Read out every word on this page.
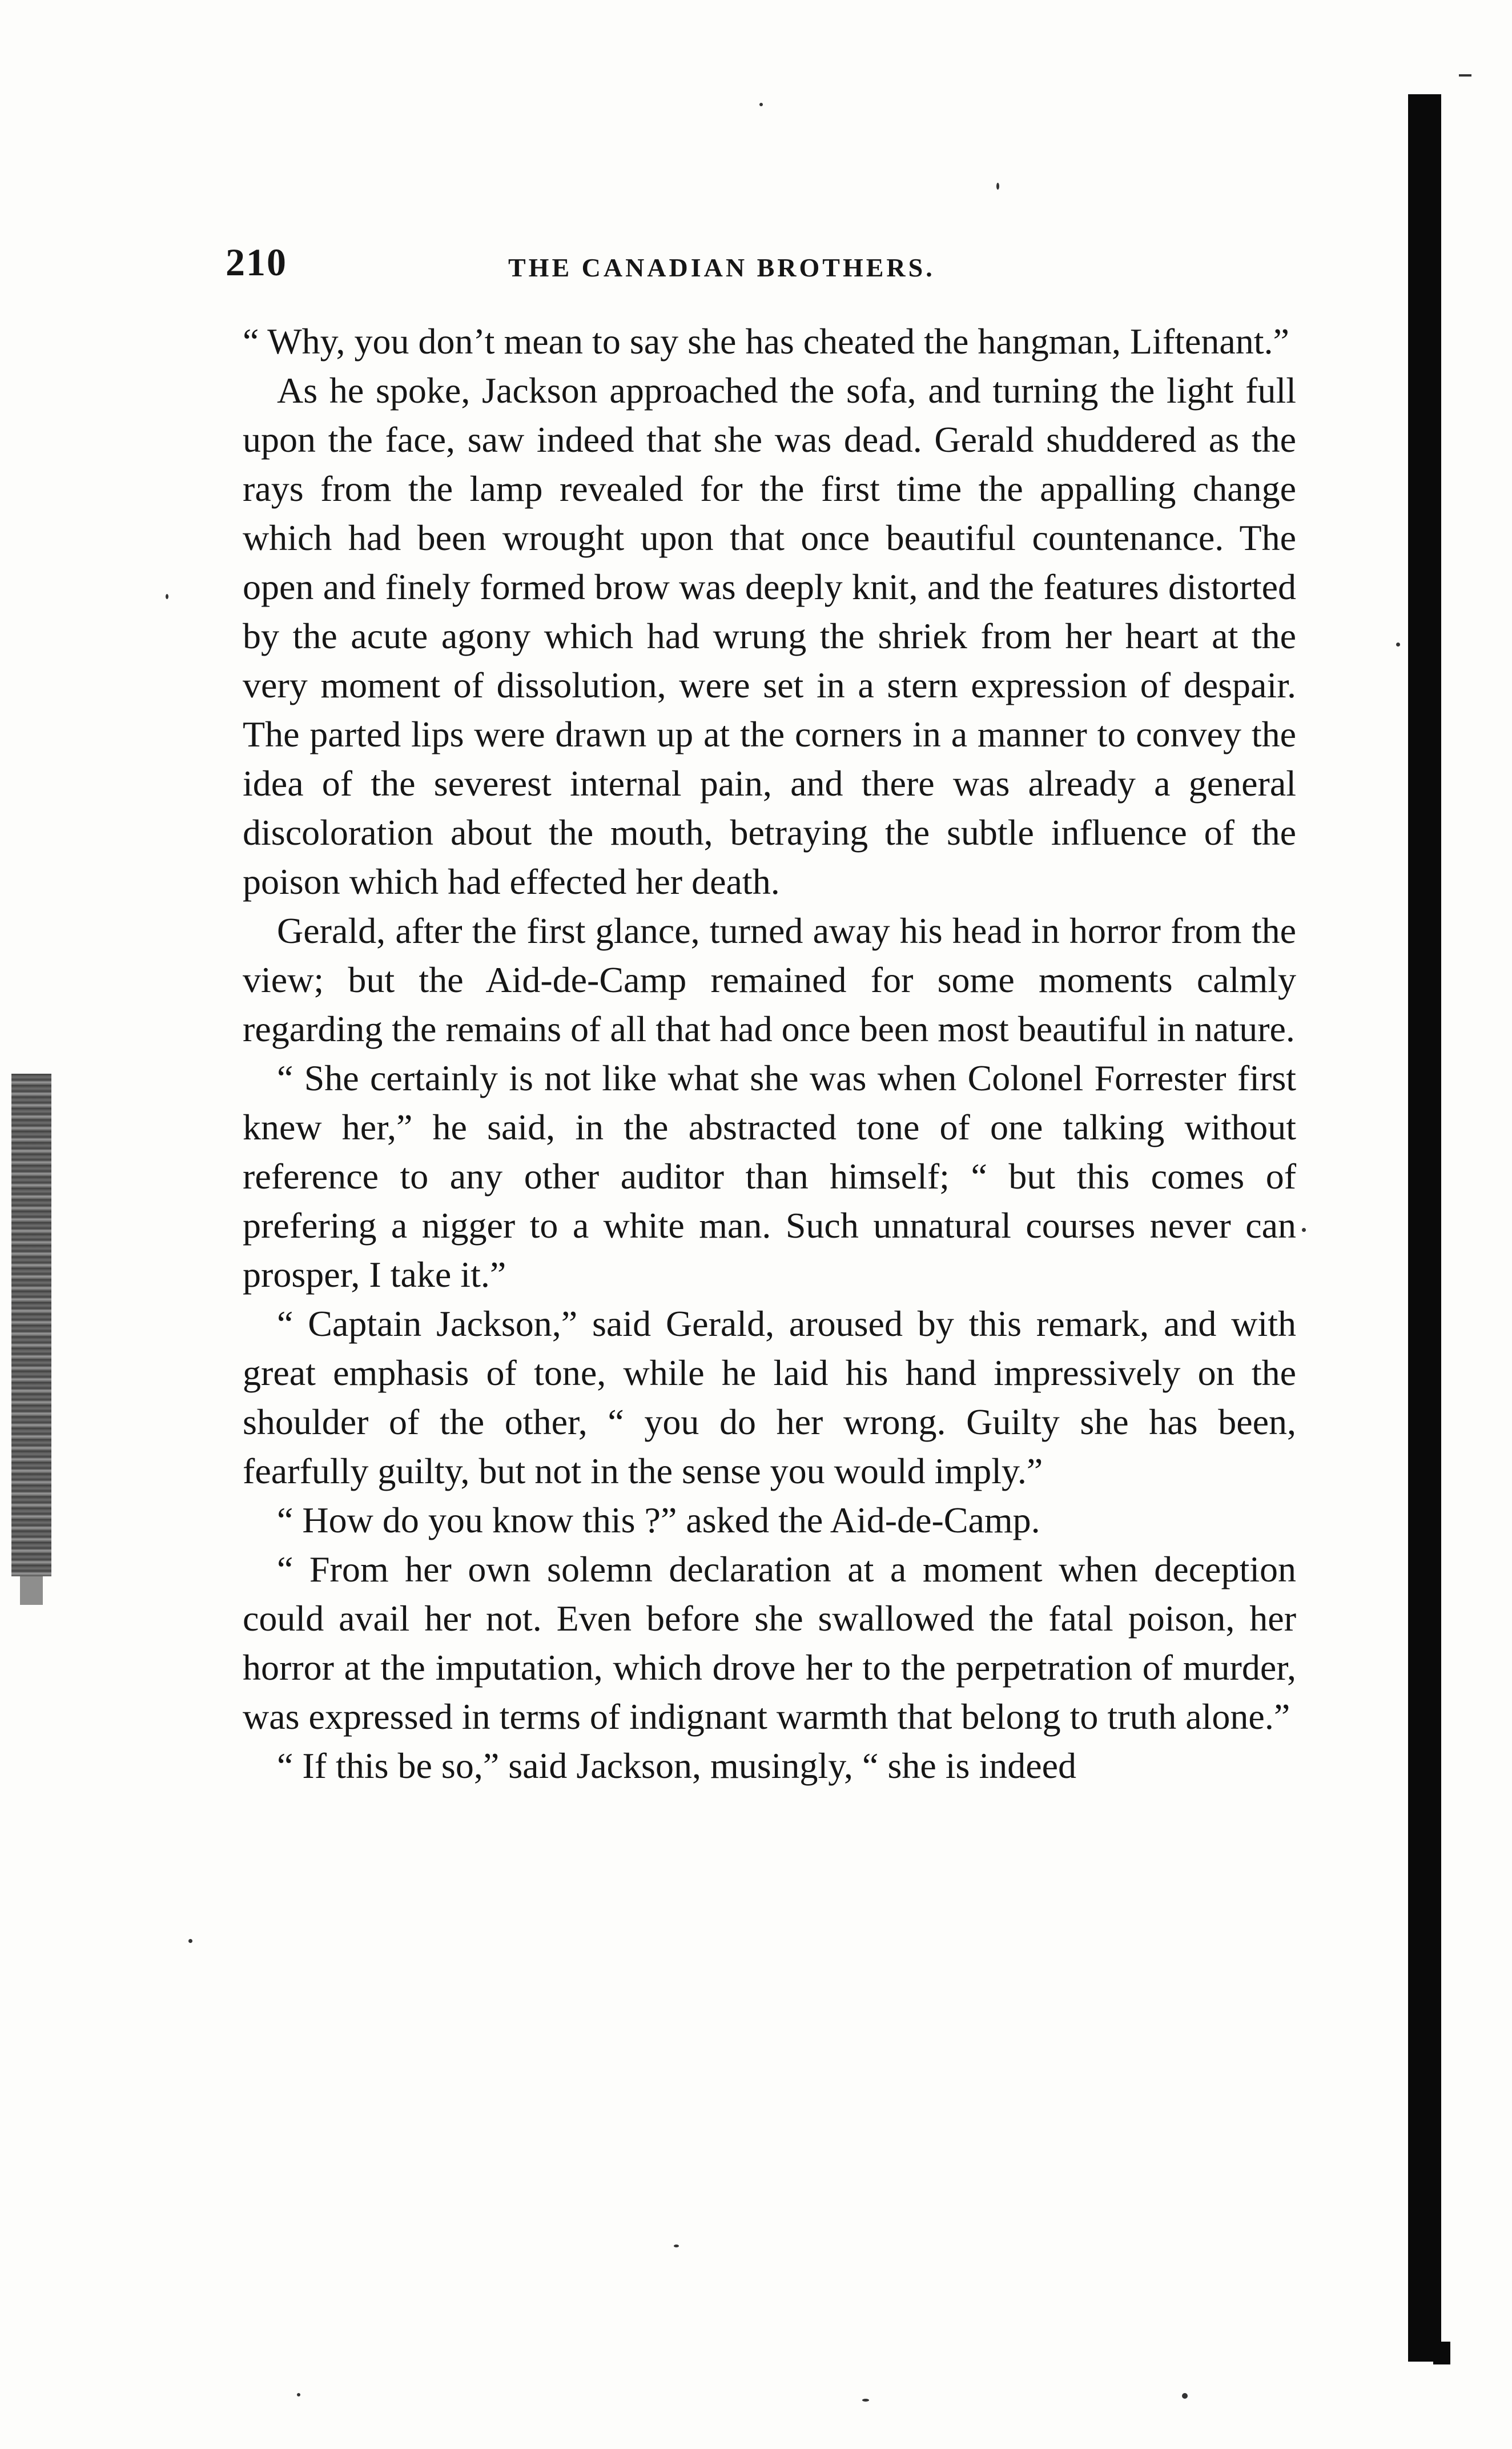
210	THE CANADIAN BROTHERS.

“ Why, you don’t mean to say she has cheated the hangman, Liftenant.”

As he spoke, Jackson approached the sofa, and turning the light full upon the face, saw indeed that she was dead. Gerald shuddered as the rays from the lamp revealed for the first time the appalling change which had been wrought upon that once beautiful countenance. The open and finely formed brow was deeply knit, and the features distorted by the acute agony which had wrung the shriek from her heart at the very moment of dissolution, were set in a stern expression of despair. The parted lips were drawn up at the corners in a manner to convey the idea of the severest internal pain, and there was already a general discoloration about the mouth, betraying the subtle influence of the poison which had effected her death.

Gerald, after the first glance, turned away his head in horror from the view; but the Aid-de-Camp remained for some moments calmly regarding the remains of all that had once been most beautiful in nature.

“ She certainly is not like what she was when Colonel Forrester first knew her,” he said, in the abstracted tone of one talking without reference to any other auditor than himself; “ but this comes of prefering a nigger to a white man. Such unnatural courses never can prosper, I take it.”

“ Captain Jackson,” said Gerald, aroused by this remark, and with great emphasis of tone, while he laid his hand impressively on the shoulder of the other, “ you do her wrong. Guilty she has been, fearfully guilty, but not in the sense you would imply.”

“ How do you know this ?” asked the Aid-de-Camp.

“ From her own solemn declaration at a moment when deception could avail her not. Even before she swallowed the fatal poison, her horror at the imputation, which drove her to the perpetration of murder, was expressed in terms of indignant warmth that belong to truth alone.”

“ If this be so,” said Jackson, musingly, “ she is indeed
